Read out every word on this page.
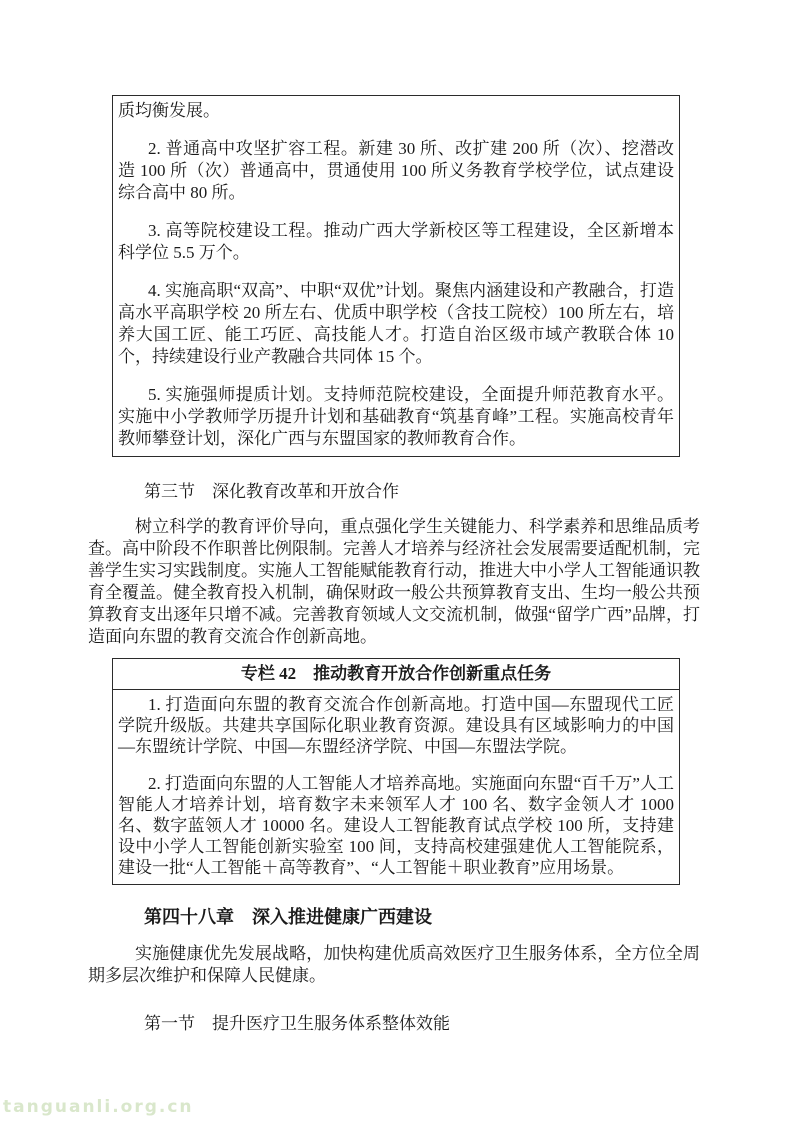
质均衡发展。

2. 普通高中攻坚扩容工程。新建 30 所、改扩建 200 所（次）、挖潜改造 100 所（次）普通高中，贯通使用 100 所义务教育学校学位，试点建设综合高中 80 所。

3. 高等院校建设工程。推动广西大学新校区等工程建设，全区新增本科学位 5.5 万个。

4. 实施高职“双高”、中职“双优”计划。聚焦内涵建设和产教融合，打造高水平高职学校 20 所左右、优质中职学校（含技工院校）100 所左右，培养大国工匠、能工巧匠、高技能人才。打造自治区级市域产教联合体 10 个，持续建设行业产教融合共同体 15 个。

5. 实施强师提质计划。支持师范院校建设，全面提升师范教育水平。实施中小学教师学历提升计划和基础教育“筑基育峰”工程。实施高校青年教师攀登计划，深化广西与东盟国家的教师教育合作。

第三节　深化教育改革和开放合作

树立科学的教育评价导向，重点强化学生关键能力、科学素养和思维品质考查。高中阶段不作职普比例限制。完善人才培养与经济社会发展需要适配机制，完善学生实习实践制度。实施人工智能赋能教育行动，推进大中小学人工智能通识教育全覆盖。健全教育投入机制，确保财政一般公共预算教育支出、生均一般公共预算教育支出逐年只增不减。完善教育领域人文交流机制，做强“留学广西”品牌，打造面向东盟的教育交流合作创新高地。

专栏 42　推动教育开放合作创新重点任务

1. 打造面向东盟的教育交流合作创新高地。打造中国—东盟现代工匠学院升级版。共建共享国际化职业教育资源。建设具有区域影响力的中国—东盟统计学院、中国—东盟经济学院、中国—东盟法学院。

2. 打造面向东盟的人工智能人才培养高地。实施面向东盟“百千万”人工智能人才培养计划，培育数字未来领军人才 100 名、数字金领人才 1000 名、数字蓝领人才 10000 名。建设人工智能教育试点学校 100 所，支持建设中小学人工智能创新实验室 100 间，支持高校建强建优人工智能院系，建设一批“人工智能＋高等教育”、“人工智能＋职业教育”应用场景。

第四十八章　深入推进健康广西建设

实施健康优先发展战略，加快构建优质高效医疗卫生服务体系，全方位全周期多层次维护和保障人民健康。

第一节　提升医疗卫生服务体系整体效能
tanguanli.org.cn
